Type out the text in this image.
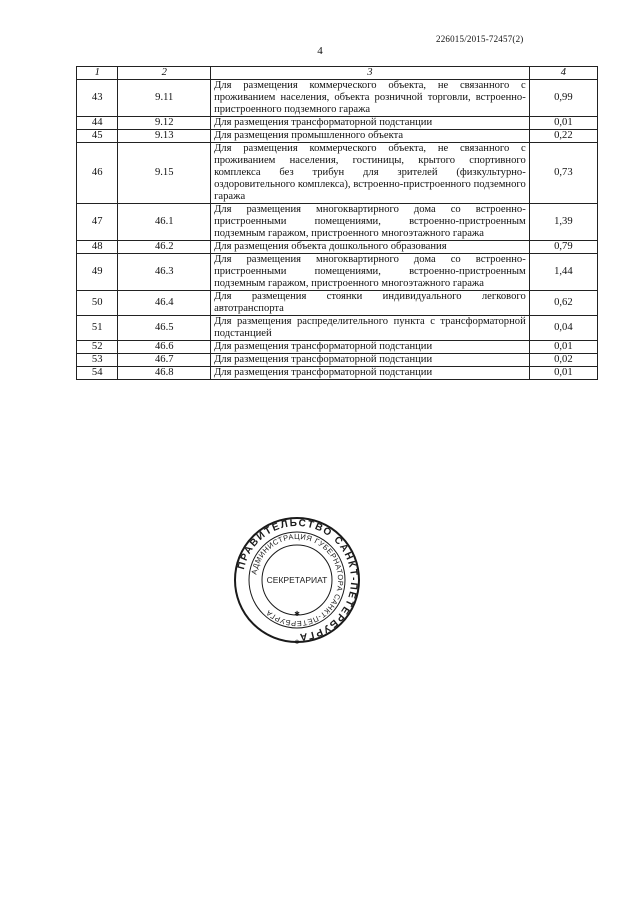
226015/2015-72457(2)
4
1	2	3	4
43	9.11	Для размещения коммерческого объекта, не связанного с проживанием населения, объекта розничной торговли, встроенно-пристроенного подземного гаража	0,99
44	9.12	Для размещения трансформаторной подстанции	0,01
45	9.13	Для размещения промышленного объекта	0,22
46	9.15	Для размещения коммерческого объекта, не связанного с проживанием населения, гостиницы, крытого спортивного комплекса без трибун для зрителей (физкультурно-оздоровительного комплекса), встроенно-пристроенного подземного гаража	0,73
47	46.1	Для размещения многоквартирного дома со встроенно-пристроенными помещениями, встроенно-пристроенным подземным гаражом, пристроенного многоэтажного гаража	1,39
48	46.2	Для размещения объекта дошкольного образования	0,79
49	46.3	Для размещения многоквартирного дома со встроенно-пристроенными помещениями, встроенно-пристроенным подземным гаражом, пристроенного многоэтажного гаража	1,44
50	46.4	Для размещения стоянки индивидуального легкового автотранспорта	0,62
51	46.5	Для размещения распределительного пункта с трансформаторной подстанцией	0,04
52	46.6	Для размещения трансформаторной подстанции	0,01
53	46.7	Для размещения трансформаторной подстанции	0,02
54	46.8	Для размещения трансформаторной подстанции	0,01
ПРАВИТЕЛЬСТВО САНКТ-ПЕТЕРБУРГА
АДМИНИСТРАЦИЯ ГУБЕРНАТОРА САНКТ-ПЕТЕРБУРГА
СЕКРЕТАРИАТ
✱
✱
